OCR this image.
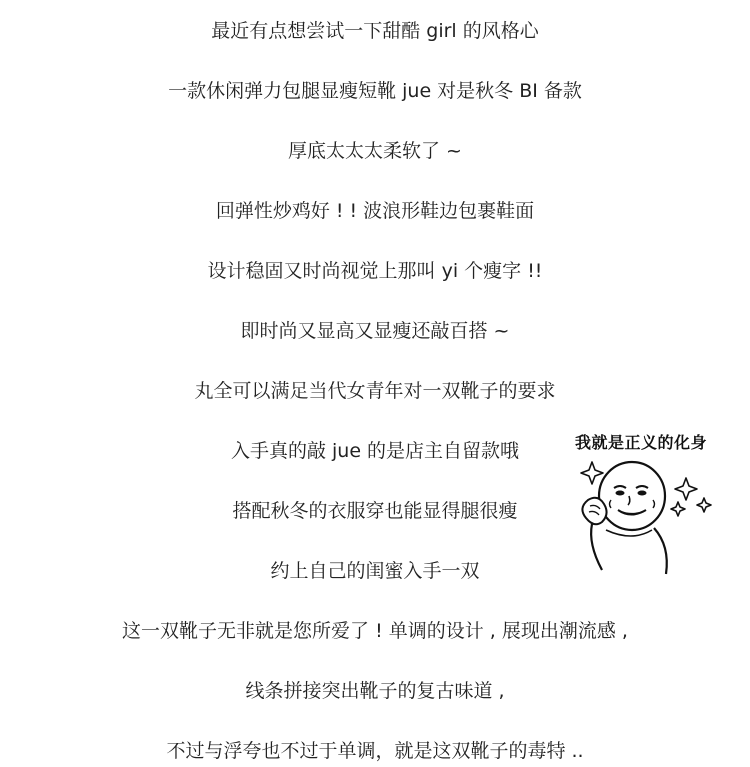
最近有点想尝试一下甜酷 girl 的风格心
一款休闲弹力包腿显瘦短靴 jue 对是秋冬 BI 备款
厚底太太太柔软了 ~
回弹性炒鸡好 ! ! 波浪形鞋边包裹鞋面
设计稳固又时尚视觉上那叫 yi 个瘦字 !!
即时尚又显高又显瘦还敲百搭 ~
丸全可以满足当代女青年对一双靴子的要求
入手真的敲 jue 的是店主自留款哦
搭配秋冬的衣服穿也能显得腿很瘦
约上自己的闺蜜入手一双
这一双靴子无非就是您所爱了 ! 单调的设计 , 展现出潮流感 ,
线条拼接突出靴子的复古味道 ,
不过与浮夸也不过于单调，就是这双靴子的毒特 ..
我就是正义的化身
